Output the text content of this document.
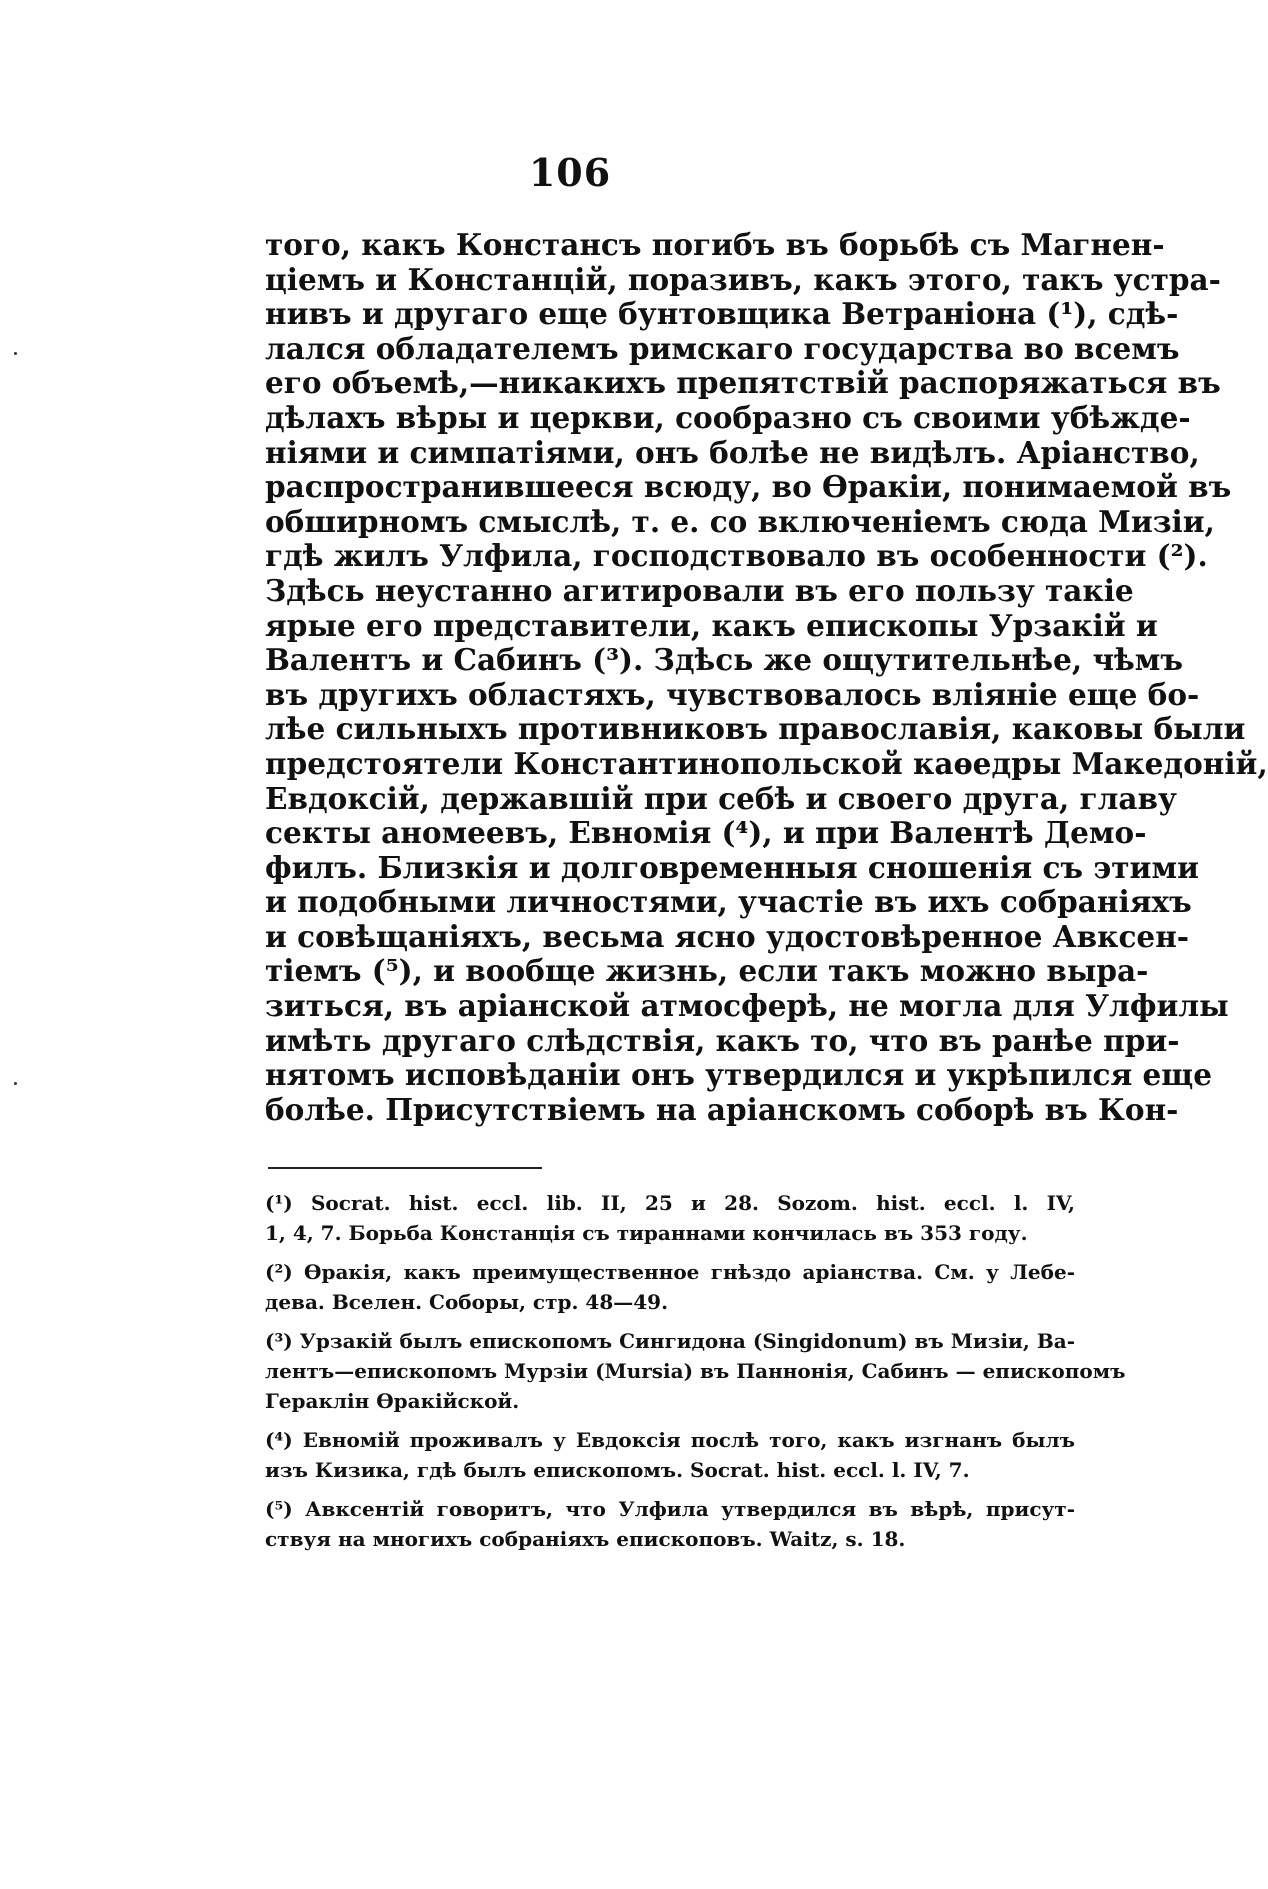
106
того, какъ Констансъ погибъ въ борьбѣ съ Магнен-
ціемъ и Констанцій, поразивъ, какъ этого, такъ устра-
нивъ и другаго еще бунтовщика Ветраніона (¹), сдѣ-
лался обладателемъ римскаго государства во всемъ
его объемѣ,—никакихъ препятствій распоряжаться въ
дѣлахъ вѣры и церкви, сообразно съ своими убѣжде-
ніями и симпатіями, онъ болѣе не видѣлъ. Аріанство,
распространившееся всюду, во Ѳракіи, понимаемой въ
обширномъ смыслѣ, т. е. со включеніемъ сюда Мизіи,
гдѣ жилъ Улфила, господствовало въ особенности (²).
Здѣсь неустанно агитировали въ его пользу такіе
ярые его представители, какъ епископы Урзакій и
Валентъ и Сабинъ (³). Здѣсь же ощутительнѣе, чѣмъ
въ другихъ областяхъ, чувствовалось вліяніе еще бо-
лѣе сильныхъ противниковъ православія, каковы были
предстоятели Константинопольской каѳедры Македоній,
Евдоксій, державшій при себѣ и своего друга, главу
секты аномеевъ, Евномія (⁴), и при Валентѣ Демо-
филъ. Близкія и долговременныя сношенія съ этими
и подобными личностями, участіе въ ихъ собраніяхъ
и совѣщаніяхъ, весьма ясно удостовѣренное Авксен-
тіемъ (⁵), и вообще жизнь, если такъ можно выра-
зиться, въ аріанской атмосферѣ, не могла для Улфилы
имѣть другаго слѣдствія, какъ то, что въ ранѣе при-
нятомъ исповѣданіи онъ утвердился и укрѣпился еще
болѣе. Присутствіемъ на аріанскомъ соборѣ въ Кон-
(¹) Socrat. hist. eccl. lib. II, 25 и 28. Sozom. hist. eccl. l. IV,
1, 4, 7. Борьба Констанція съ тираннами кончилась въ 353 году.
(²) Ѳракія, какъ преимущественное гнѣздо аріанства. См. у Лебе-
дева. Вселен. Соборы, стр. 48—49.
(³) Урзакій былъ епископомъ Сингидона (Singidonum) въ Мизіи, Ва-
лентъ—епископомъ Мурзіи (Mursia) въ Паннонія, Сабинъ — епископомъ
Гераклін Ѳракійской.
(⁴) Евномій проживалъ у Евдоксія послѣ того, какъ изгнанъ былъ
изъ Кизика, гдѣ былъ епископомъ. Socrat. hist. eccl. l. IV, 7.
(⁵) Авксентій говоритъ, что Улфила утвердился въ вѣрѣ, присут-
ствуя на многихъ собраніяхъ епископовъ. Waitz, s. 18.
